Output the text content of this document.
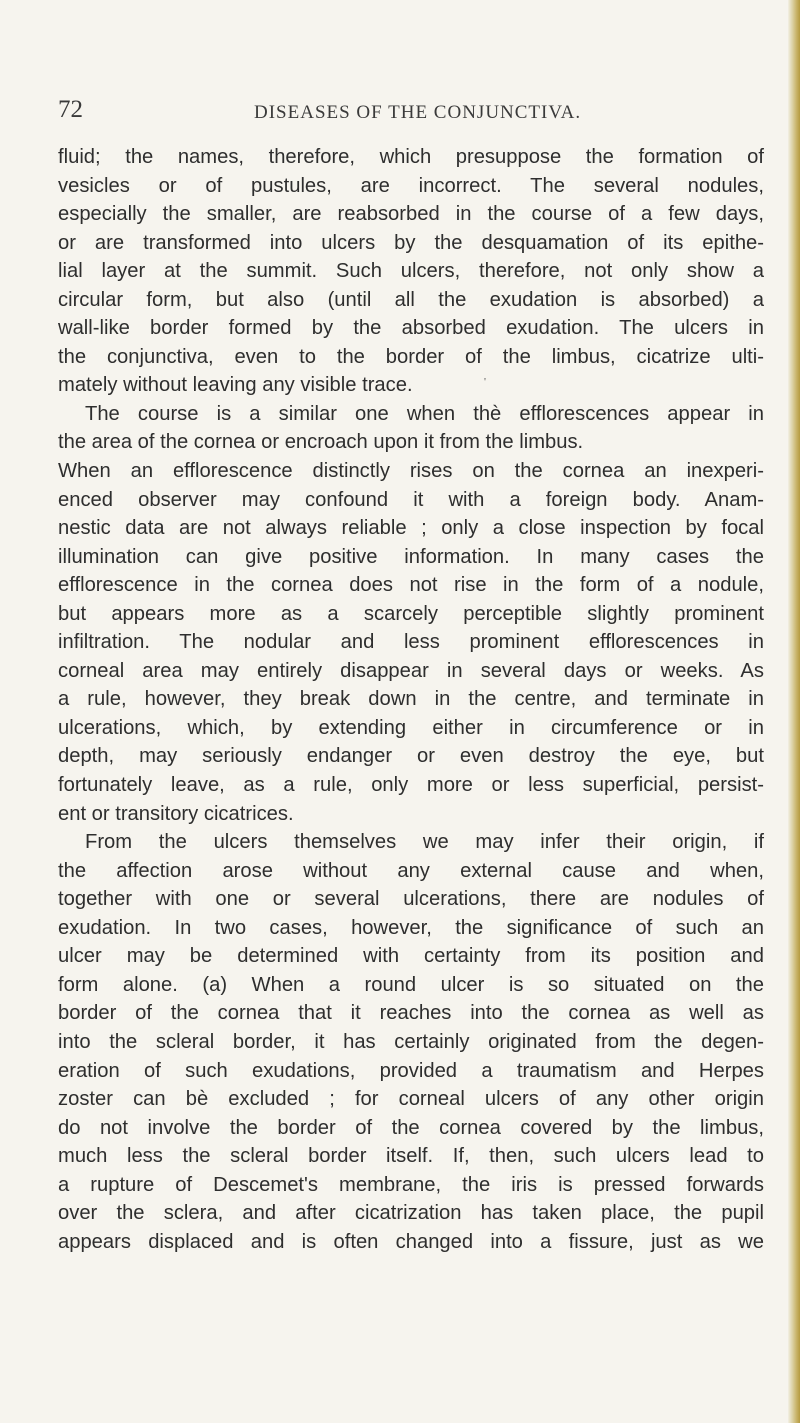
72	DISEASES OF THE CONJUNCTIVA.
fluid; the names, therefore, which presuppose the formation of
vesicles or of pustules, are incorrect. The several nodules,
especially the smaller, are reabsorbed in the course of a few days,
or are transformed into ulcers by the desquamation of its epithe-
lial layer at the summit. Such ulcers, therefore, not only show a
circular form, but also (until all the exudation is absorbed) a
wall-like border formed by the absorbed exudation. The ulcers in
the conjunctiva, even to the border of the limbus, cicatrize ulti-
mately without leaving any visible trace.
The course is a similar one when thè efflorescences appear in
the area of the cornea or encroach upon it from the limbus.
When an efflorescence distinctly rises on the cornea an inexperi-
enced observer may confound it with a foreign body. Anam-
nestic data are not always reliable ; only a close inspection by focal
illumination can give positive information. In many cases the
efflorescence in the cornea does not rise in the form of a nodule,
but appears more as a scarcely perceptible slightly prominent
infiltration. The nodular and less prominent efflorescences in
corneal area may entirely disappear in several days or weeks. As
a rule, however, they break down in the centre, and terminate in
ulcerations, which, by extending either in circumference or in
depth, may seriously endanger or even destroy the eye, but
fortunately leave, as a rule, only more or less superficial, persist-
ent or transitory cicatrices.
From the ulcers themselves we may infer their origin, if
the affection arose without any external cause and when,
together with one or several ulcerations, there are nodules of
exudation. In two cases, however, the significance of such an
ulcer may be determined with certainty from its position and
form alone. (a) When a round ulcer is so situated on the
border of the cornea that it reaches into the cornea as well as
into the scleral border, it has certainly originated from the degen-
eration of such exudations, provided a traumatism and Herpes
zoster can bè excluded ; for corneal ulcers of any other origin
do not involve the border of the cornea covered by the limbus,
much less the scleral border itself. If, then, such ulcers lead to
a rupture of Descemet's membrane, the iris is pressed forwards
over the sclera, and after cicatrization has taken place, the pupil
appears displaced and is often changed into a fissure, just as we
'
